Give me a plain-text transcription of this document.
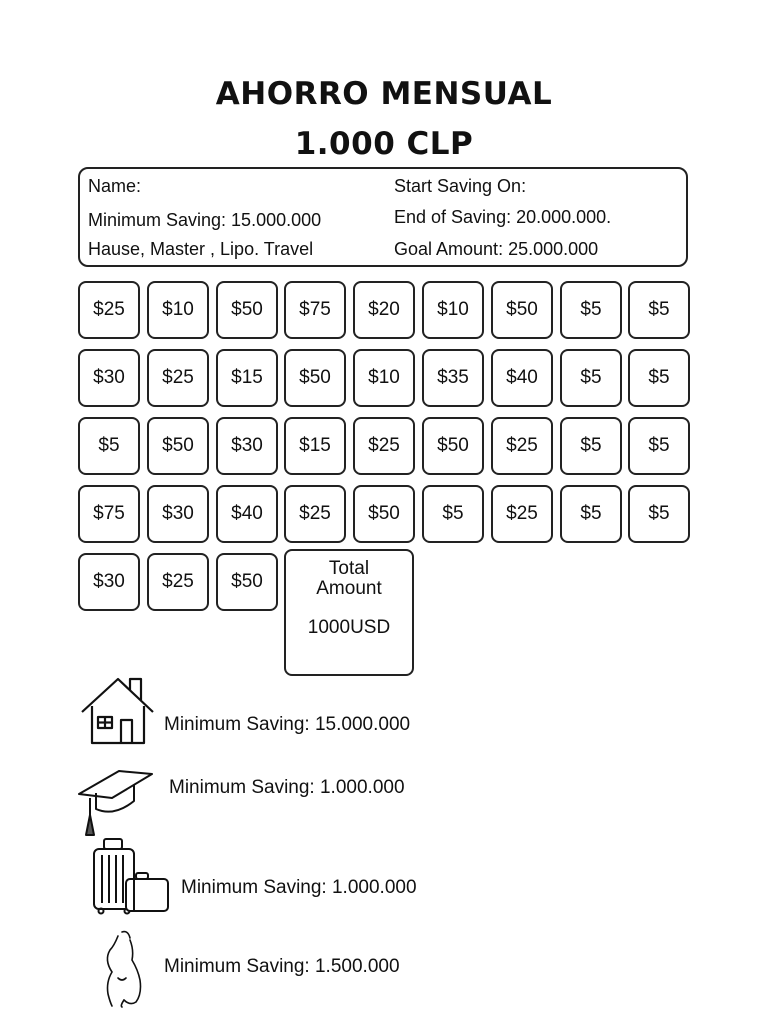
AHORRO MENSUAL
1.000 CLP
Name:
Minimum Saving: 15.000.000
Hause, Master , Lipo. Travel
Start Saving On:
End of Saving: 20.000.000.
Goal Amount: 25.000.000
$25	$10	$50	$75	$20	$10	$50	$5	$5
$30	$25	$15	$50	$10	$35	$40	$5	$5
$5	$50	$30	$15	$25	$50	$25	$5	$5
$75	$30	$40	$25	$50	$5	$25	$5	$5
$30	$25	$50
Total
Amount
1000USD
Minimum Saving: 15.000.000
Minimum Saving: 1.000.000
Minimum Saving: 1.000.000
Minimum Saving: 1.500.000
